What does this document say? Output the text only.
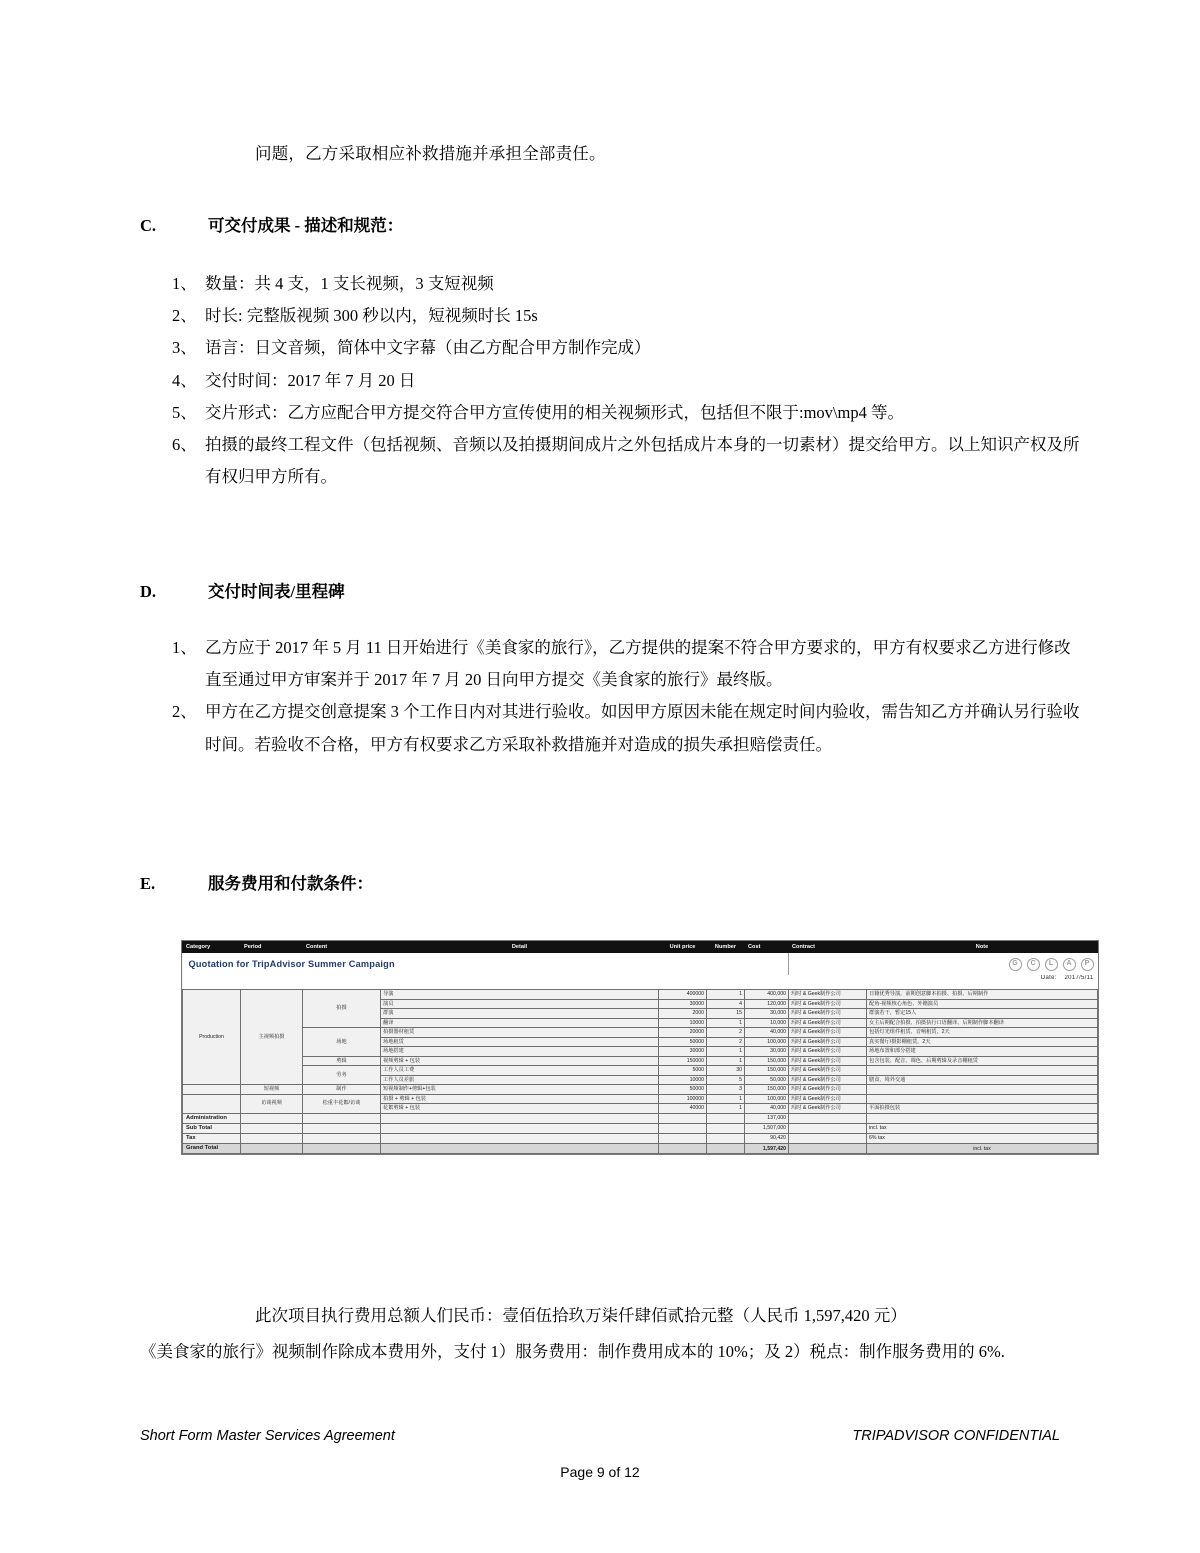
问题，乙方采取相应补救措施并承担全部责任。
C.	可交付成果 - 描述和规范：
1、 数量：共 4 支，1 支长视频，3 支短视频
2、 时长: 完整版视频 300 秒以内，短视频时长 15s
3、 语言：日文音频，简体中文字幕（由乙方配合甲方制作完成）
4、 交付时间：2017 年 7 月 20 日
5、 交片形式：乙方应配合甲方提交符合甲方宣传使用的相关视频形式，包括但不限于:mov\mp4 等。
6、 拍摄的最终工程文件（包括视频、音频以及拍摄期间成片之外包括成片本身的一切素材）提交给甲方。以上知识产权及所有权归甲方所有。
D.	交付时间表/里程碑
1、 乙方应于 2017 年 5 月 11 日开始进行《美食家的旅行》，乙方提供的提案不符合甲方要求的，甲方有权要求乙方进行修改直至通过甲方审案并于 2017 年 7 月 20 日向甲方提交《美食家的旅行》最终版。
2、 甲方在乙方提交创意提案 3 个工作日内对其进行验收。如因甲方原因未能在规定时间内验收，需告知乙方并确认另行验收时间。若验收不合格，甲方有权要求乙方采取补救措施并对造成的损失承担赔偿责任。
E.	服务费用和付款条件：
Quotation for TripAdvisor Summer Campaign							G C L A P	

Date: 2017/5/11								

Category	Period	Content	Detail	Unit price	Number	Cost	Contract	Note
Production	主视频拍摄	拍摄	导演	400000	1	400,000	玛时 & Geek制作公司	日籍优秀导演。前期创意脚本拍摄、拍摄、后期制作
			演员	30000	4	120,000	玛时 & Geek制作公司	配角-视频核心角色、外籍演员
			群演	2000	15	30,000	玛时 & Geek制作公司	群演若干，暂定15人
			翻译	10000	1	10,000	玛时 & Geek制作公司	女主后期配合拍摄、拍摄执行口语翻译、后期制作脚本翻译
		场地	拍摄器材租赁	20000	2	40,000	玛时 & Geek制作公司	包括灯光组件租赁、音响租赁，2天
			场地租赁	50000	2	100,000	玛时 & Geek制作公司	真实餐厅/摄影棚租赁，2天
			场地搭建	30000	1	30,000	玛时 & Geek制作公司	场地布置和部分搭建
		剪辑	视频剪辑 + 包装	150000	1	150,000	玛时 & Geek制作公司	包含包装、配音、调色、后期剪辑及录音棚租赁
		劳务	工作人员工费	5000	30	150,000	玛时 & Geek制作公司	
			工作人员差旅	10000	5	50,000	玛时 & Geek制作公司	膳食、境外交通
	短视频	制作	短视频制作+剪辑+包装	50000	3	150,000	玛时 & Geek制作公司	
	访谈视频	松重丰花絮/访谈	拍摄 + 剪辑 + 包装	100000	1	100,000	玛时 & Geek制作公司	
			花絮剪辑 + 包装	40000	1	40,000	玛时 & Geek制作公司	平面拍摄包装
Administration						137,000		
Sub Total						1,507,000		incl. tax
Tax						90,420		6% tax
Grand Total						1,597,420		incl. tax
此次项目执行费用总额人们民币：壹佰伍拾玖万柒仟肆佰贰拾元整（人民币 1,597,420 元）
《美食家的旅行》视频制作除成本费用外，支付 1）服务费用：制作费用成本的 10%；及 2）税点：制作服务费用的 6%.
Short Form Master Services Agreement	TRIPADVISOR CONFIDENTIAL
Page 9 of 12
